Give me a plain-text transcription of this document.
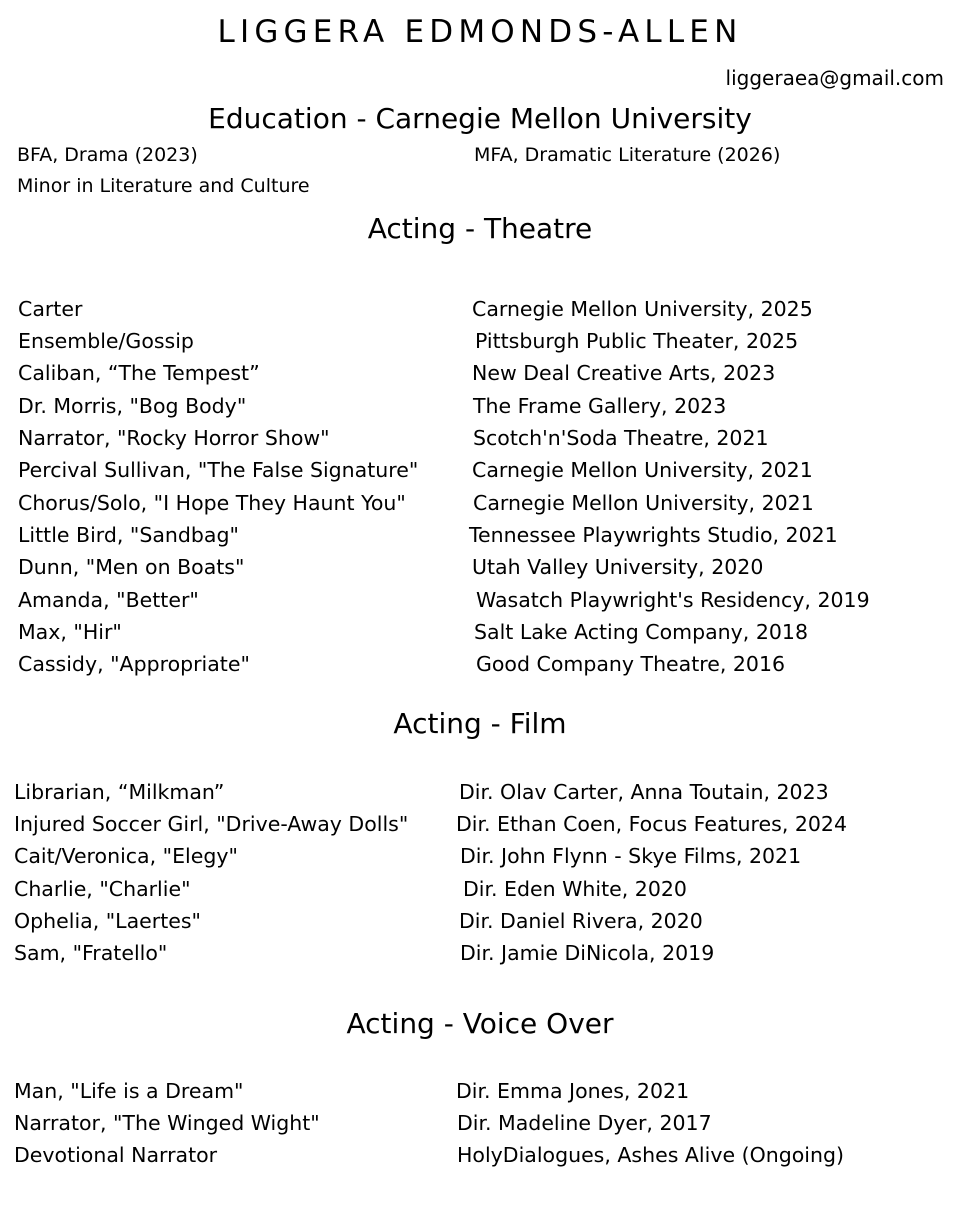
LIGGERA EDMONDS-ALLEN
liggeraea@gmail.com
Education - Carnegie Mellon University
BFA, Drama (2023)	MFA, Dramatic Literature (2026)
Minor in Literature and Culture
Acting - Theatre
Carter	Carnegie Mellon University, 2025
Ensemble/Gossip	Pittsburgh Public Theater, 2025
Caliban, “The Tempest”	New Deal Creative Arts, 2023
Dr. Morris, "Bog Body"	The Frame Gallery, 2023
Narrator, "Rocky Horror Show"	Scotch'n'Soda Theatre, 2021
Percival Sullivan, "The False Signature"	Carnegie Mellon University, 2021
Chorus/Solo, "I Hope They Haunt You"	Carnegie Mellon University, 2021
Little Bird, "Sandbag"	Tennessee Playwrights Studio, 2021
Dunn, "Men on Boats"	Utah Valley University, 2020
Amanda, "Better"	Wasatch Playwright's Residency, 2019
Max, "Hir"	Salt Lake Acting Company, 2018
Cassidy, "Appropriate"	Good Company Theatre, 2016
Acting - Film
Librarian, “Milkman”	Dir. Olav Carter, Anna Toutain, 2023
Injured Soccer Girl, "Drive-Away Dolls" Dir. Ethan Coen, Focus Features, 2024
Cait/Veronica, "Elegy"	Dir. John Flynn - Skye Films, 2021
Charlie, "Charlie"	Dir. Eden White, 2020
Ophelia, "Laertes"	Dir. Daniel Rivera, 2020
Sam, "Fratello"	Dir. Jamie DiNicola, 2019
Acting - Voice Over
Man, "Life is a Dream"	Dir. Emma Jones, 2021
Narrator, "The Winged Wight"	Dir. Madeline Dyer, 2017
Devotional Narrator	HolyDialogues, Ashes Alive (Ongoing)
